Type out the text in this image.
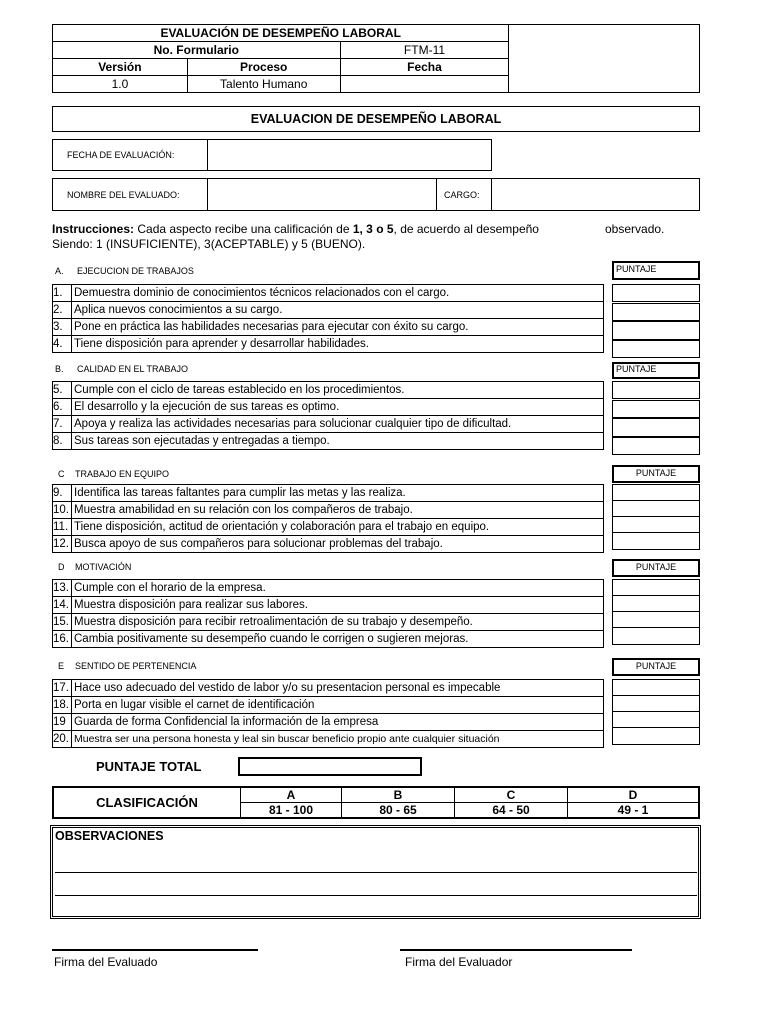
EVALUACIÓN DE DESEMPEÑO LABORAL			
No. Formulario		FTM-11	
Versión	Proceso	Fecha	
1.0	Talento Humano		
EVALUACION DE DESEMPEÑO LABORAL
FECHA DE EVALUACIÓN:
NOMBRE DEL EVALUADO:	CARGO:
Instrucciones: Cada aspecto recibe una calificación de 1, 3 o 5, de acuerdo al desempeño	observado.

Siendo: 1 (INSUFICIENTE), 3(ACEPTABLE) y 5 (BUENO).
A. EJECUCION DE TRABAJOS	PUNTAJE
1.	Demuestra dominio de conocimientos técnicos relacionados con el cargo.
2.	Aplica nuevos conocimientos a su cargo.
3.	Pone en práctica las habilidades necesarias para ejecutar con éxito su cargo.
4.	Tiene disposición para aprender y desarrollar habilidades.
B. CALIDAD EN EL TRABAJO	PUNTAJE
5.	Cumple con el ciclo de tareas establecido en los procedimientos.
6.	El desarrollo y la ejecución de sus tareas es optimo.
7.	Apoya y realiza las actividades necesarias para solucionar cualquier tipo de dificultad.
8.	Sus tareas son ejecutadas y entregadas a tiempo.
C TRABAJO EN EQUIPO	PUNTAJE
9.	Identifica las tareas faltantes para cumplir las metas y las realiza.
10.	Muestra amabilidad en su relación con los compañeros de trabajo.
11.	Tiene disposición, actitud de orientación y colaboración para el trabajo en equipo.
12.	Busca apoyo de sus compañeros para solucionar problemas del trabajo.
D MOTIVACIÓN	PUNTAJE
13.	Cumple con el horario de la empresa.
14.	Muestra disposición para realizar sus labores.
15.	Muestra disposición para recibir retroalimentación de su trabajo y desempeño.
16.	Cambia positivamente su desempeño cuando le corrigen o sugieren mejoras.
E SENTIDO DE PERTENENCIA	PUNTAJE
17.	Hace uso adecuado del vestido de labor y/o su presentacion personal es impecable
18.	Porta en lugar visible el carnet de identificación
19	Guarda de forma Confidencial la información de la empresa
20.	Muestra ser una persona honesta y leal sin buscar beneficio propio ante cualquier situación
PUNTAJE TOTAL
CLASIFICACIÓN	A	B	C	D
	81 - 100	80 - 65	64 - 50	49 - 1
OBSERVACIONES
Firma del Evaluado	Firma del Evaluador
